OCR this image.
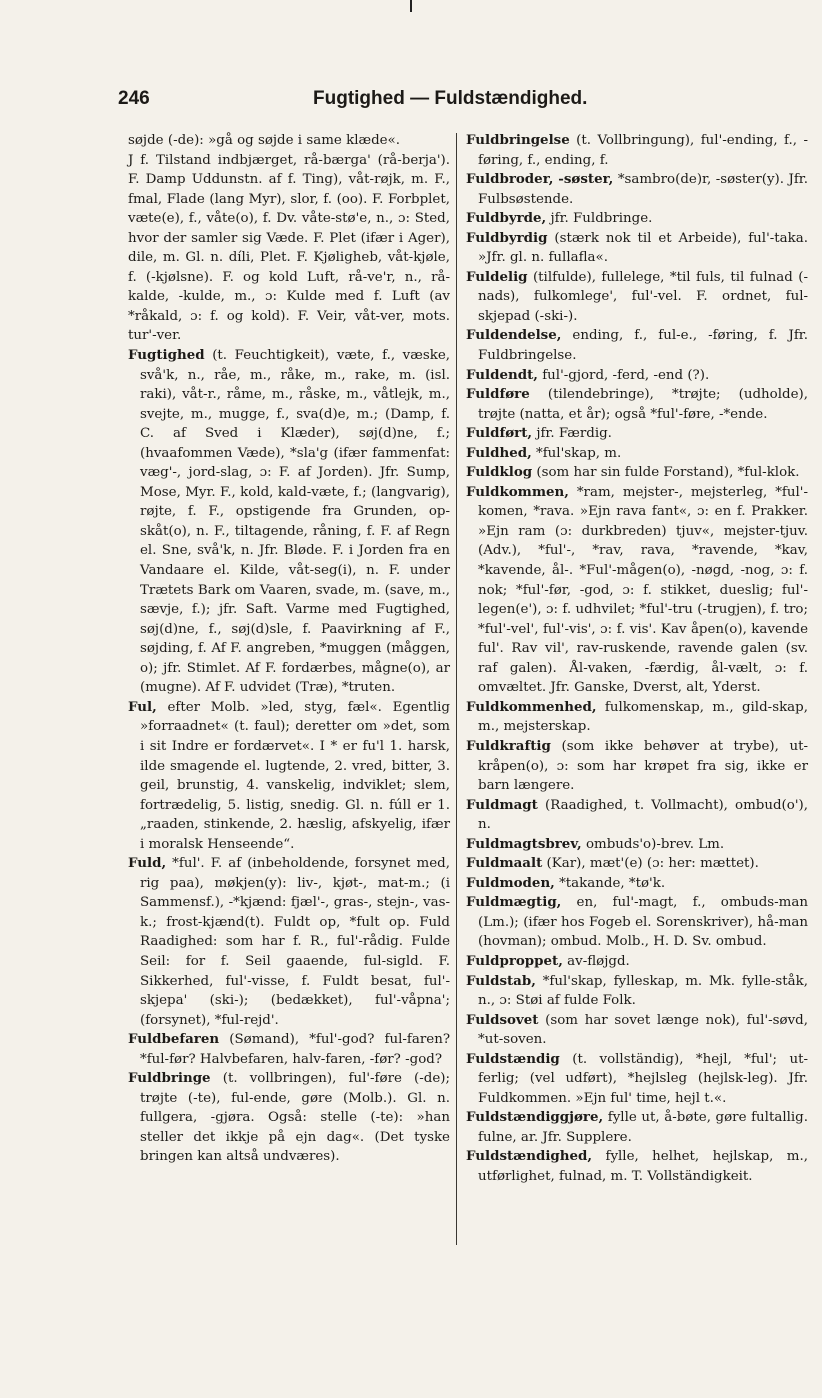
246	Fugtighed — Fuldstændighed.

søjde (-de): »gå og søjde i same klæde«.

J f. Tilstand indbjærget, rå-bærga' (rå-berja'). F. Damp Uddunstn. af f. Ting), våt-røjk, m. F., fmal, Flade (lang Myr), slor, f. (oo). F. Forbplet, væte(e), f., våte(o), f. Dv. våte-stø'e, n., ɔ: Sted, hvor der samler sig Væde. F. Plet (ifær i Ager), dile, m. Gl. n. díli, Plet. F. Kjøligheb, våt-kjøle, f. (-kjølsne). F. og kold Luft, rå-ve'r, n., rå-kalde, -kulde, m., ɔ: Kulde med f. Luft (av *råkald, ɔ: f. og kold). F. Veir, våt-ver, mots. tur'-ver.

Fugtighed (t. Feuchtigkeit), væte, f., væske, svå'k, n., råe, m., råke, m., rake, m. (isl. raki), våt-r., råme, m., råske, m., våtlejk, m., svejte, m., mugge, f., sva(d)e, m.; (Damp, f. C. af Sved i Klæder), søj(d)ne, f.; (hvaafommen Væde), *sla'g (ifær fammenfat: væg'-, jord-slag, ɔ: F. af Jorden). Jfr. Sump, Mose, Myr. F., kold, kald-væte, f.; (langvarig), røjte, f. F., opstigende fra Grunden, op-skåt(o), n. F., tiltagende, råning, f. F. af Regn el. Sne, svå'k, n. Jfr. Bløde. F. i Jorden fra en Vandaare el. Kilde, våt-seg(i), n. F. under Trætets Bark om Vaaren, svade, m. (save, m., sævje, f.); jfr. Saft. Varme med Fugtighed, søj(d)ne, f., søj(d)sle, f. Paavirkning af F., søjding, f. Af F. angreben, *muggen (måggen, o); jfr. Stimlet. Af F. fordærbes, mågne(o), ar (mugne). Af F. udvidet (Træ), *truten.

Ful, efter Molb. »led, styg, fæl«. Egentlig »forraadnet« (t. faul); deretter om »det, som i sit Indre er fordærvet«. I * er fu'l 1. harsk, ilde smagende el. lugtende, 2. vred, bitter, 3. geil, brunstig, 4. vanskelig, indviklet; slem, fortrædelig, 5. listig, snedig. Gl. n. fúll er 1. „raaden, stinkende, 2. hæslig, afskyelig, ifær i moralsk Henseende“.

Fuld, *ful'. F. af (inbeholdende, forsynet med, rig paa), møkjen(y): liv-, kjøt-, mat-m.; (i Sammensf.), -*kjænd: fjæl'-, gras-, stejn-, vas-k.; frost-kjænd(t). Fuldt op, *fult op. Fuld Raadighed: som har f. R., ful'-rådig. Fulde Seil: for f. Seil gaaende, ful-sigld. F. Sikkerhed, ful'-visse, f. Fuldt besat, ful'-skjepa' (ski-); (bedækket), ful'-våpna'; (forsynet), *ful-rejd'.

Fuldbefaren (Sømand), *ful'-god? ful-faren? *ful-før? Halvbefaren, halv-faren, -før? -god?

Fuldbringe (t. vollbringen), ful'-føre (-de); trøjte (-te), ful-ende, gøre (Molb.). Gl. n. fullgera, -gjøra. Også: stelle (-te): »han steller det ikkje på ejn dag«. (Det tyske bringen kan altså undværes).

Fuldbringelse (t. Vollbringung), ful'-ending, f., -føring, f., ending, f.

Fuldbroder, -søster, *sambro(de)r, -søster(y). Jfr. Fulbsøstende.

Fuldbyrde, jfr. Fuldbringe.

Fuldbyrdig (stærk nok til et Arbeide), ful'-taka. »Jfr. gl. n. fullafla«.

Fuldelig (tilfulde), fullelege, *til fuls, til fulnad (-nads), fulkomlege', ful'-vel. F. ordnet, ful-skjepad (-ski-).

Fuldendelse, ending, f., ful-e., -føring, f. Jfr. Fuldbringelse.

Fuldendt, ful'-gjord, -ferd, -end (?).

Fuldføre (tilendebringe), *trøjte; (udholde), trøjte (natta, et år); også *ful'-føre, -*ende.

Fuldført, jfr. Færdig.

Fuldhed, *ful'skap, m.

Fuldklog (som har sin fulde Forstand), *ful-klok.

Fuldkommen, *ram, mejster-, mejsterleg, *ful'-komen, *rava. »Ejn rava fant«, ɔ: en f. Prakker. »Ejn ram (ɔ: durkbreden) tjuv«, mejster-tjuv. (Adv.), *ful'-, *rav, rava, *ravende, *kav, *kavende, ål-. *Ful'-mågen(o), -nøgd, -nog, ɔ: f. nok; *ful'-før, -god, ɔ: f. stikket, dueslig; ful'-legen(e'), ɔ: f. udhvilet; *ful'-tru (-trugjen), f. tro; *ful'-vel', ful'-vis', ɔ: f. vis'. Kav åpen(o), kavende ful'. Rav vil', rav-ruskende, ravende galen (sv. raf galen). Ål-vaken, -færdig, ål-vælt, ɔ: f. omvæltet. Jfr. Ganske, Dverst, alt, Yderst.

Fuldkommenhed, fulkomenskap, m., gild-skap, m., mejsterskap.

Fuldkraftig (som ikke behøver at trybe), ut-kråpen(o), ɔ: som har krøpet fra sig, ikke er barn længere.

Fuldmagt (Raadighed, t. Vollmacht), ombud(o'), n.

Fuldmagtsbrev, ombuds'o)-brev. Lm.

Fuldmaalt (Kar), mæt'(e) (ɔ: her: mættet).

Fuldmoden, *takande, *tø'k.

Fuldmægtig, en, ful'-magt, f., ombuds-man (Lm.); (ifær hos Fogeb el. Sorenskriver), hå-man (hovman); ombud. Molb., H. D. Sv. ombud.

Fuldproppet, av-fløjgd.

Fuldstab, *ful'skap, fylleskap, m. Mk. fylle-ståk, n., ɔ: Støi af fulde Folk.

Fuldsovet (som har sovet længe nok), ful'-søvd, *ut-soven.

Fuldstændig (t. vollständig), *hejl, *ful'; ut-ferlig; (vel udført), *hejlsleg (hejlsk-leg). Jfr. Fuldkommen. »Ejn ful' time, hejl t.«.

Fuldstændiggjøre, fylle ut, å-bøte, gøre fultallig. fulne, ar. Jfr. Supplere.

Fuldstændighed, fylle, helhet, hejlskap, m., utførlighet, fulnad, m. T. Vollständigkeit.
